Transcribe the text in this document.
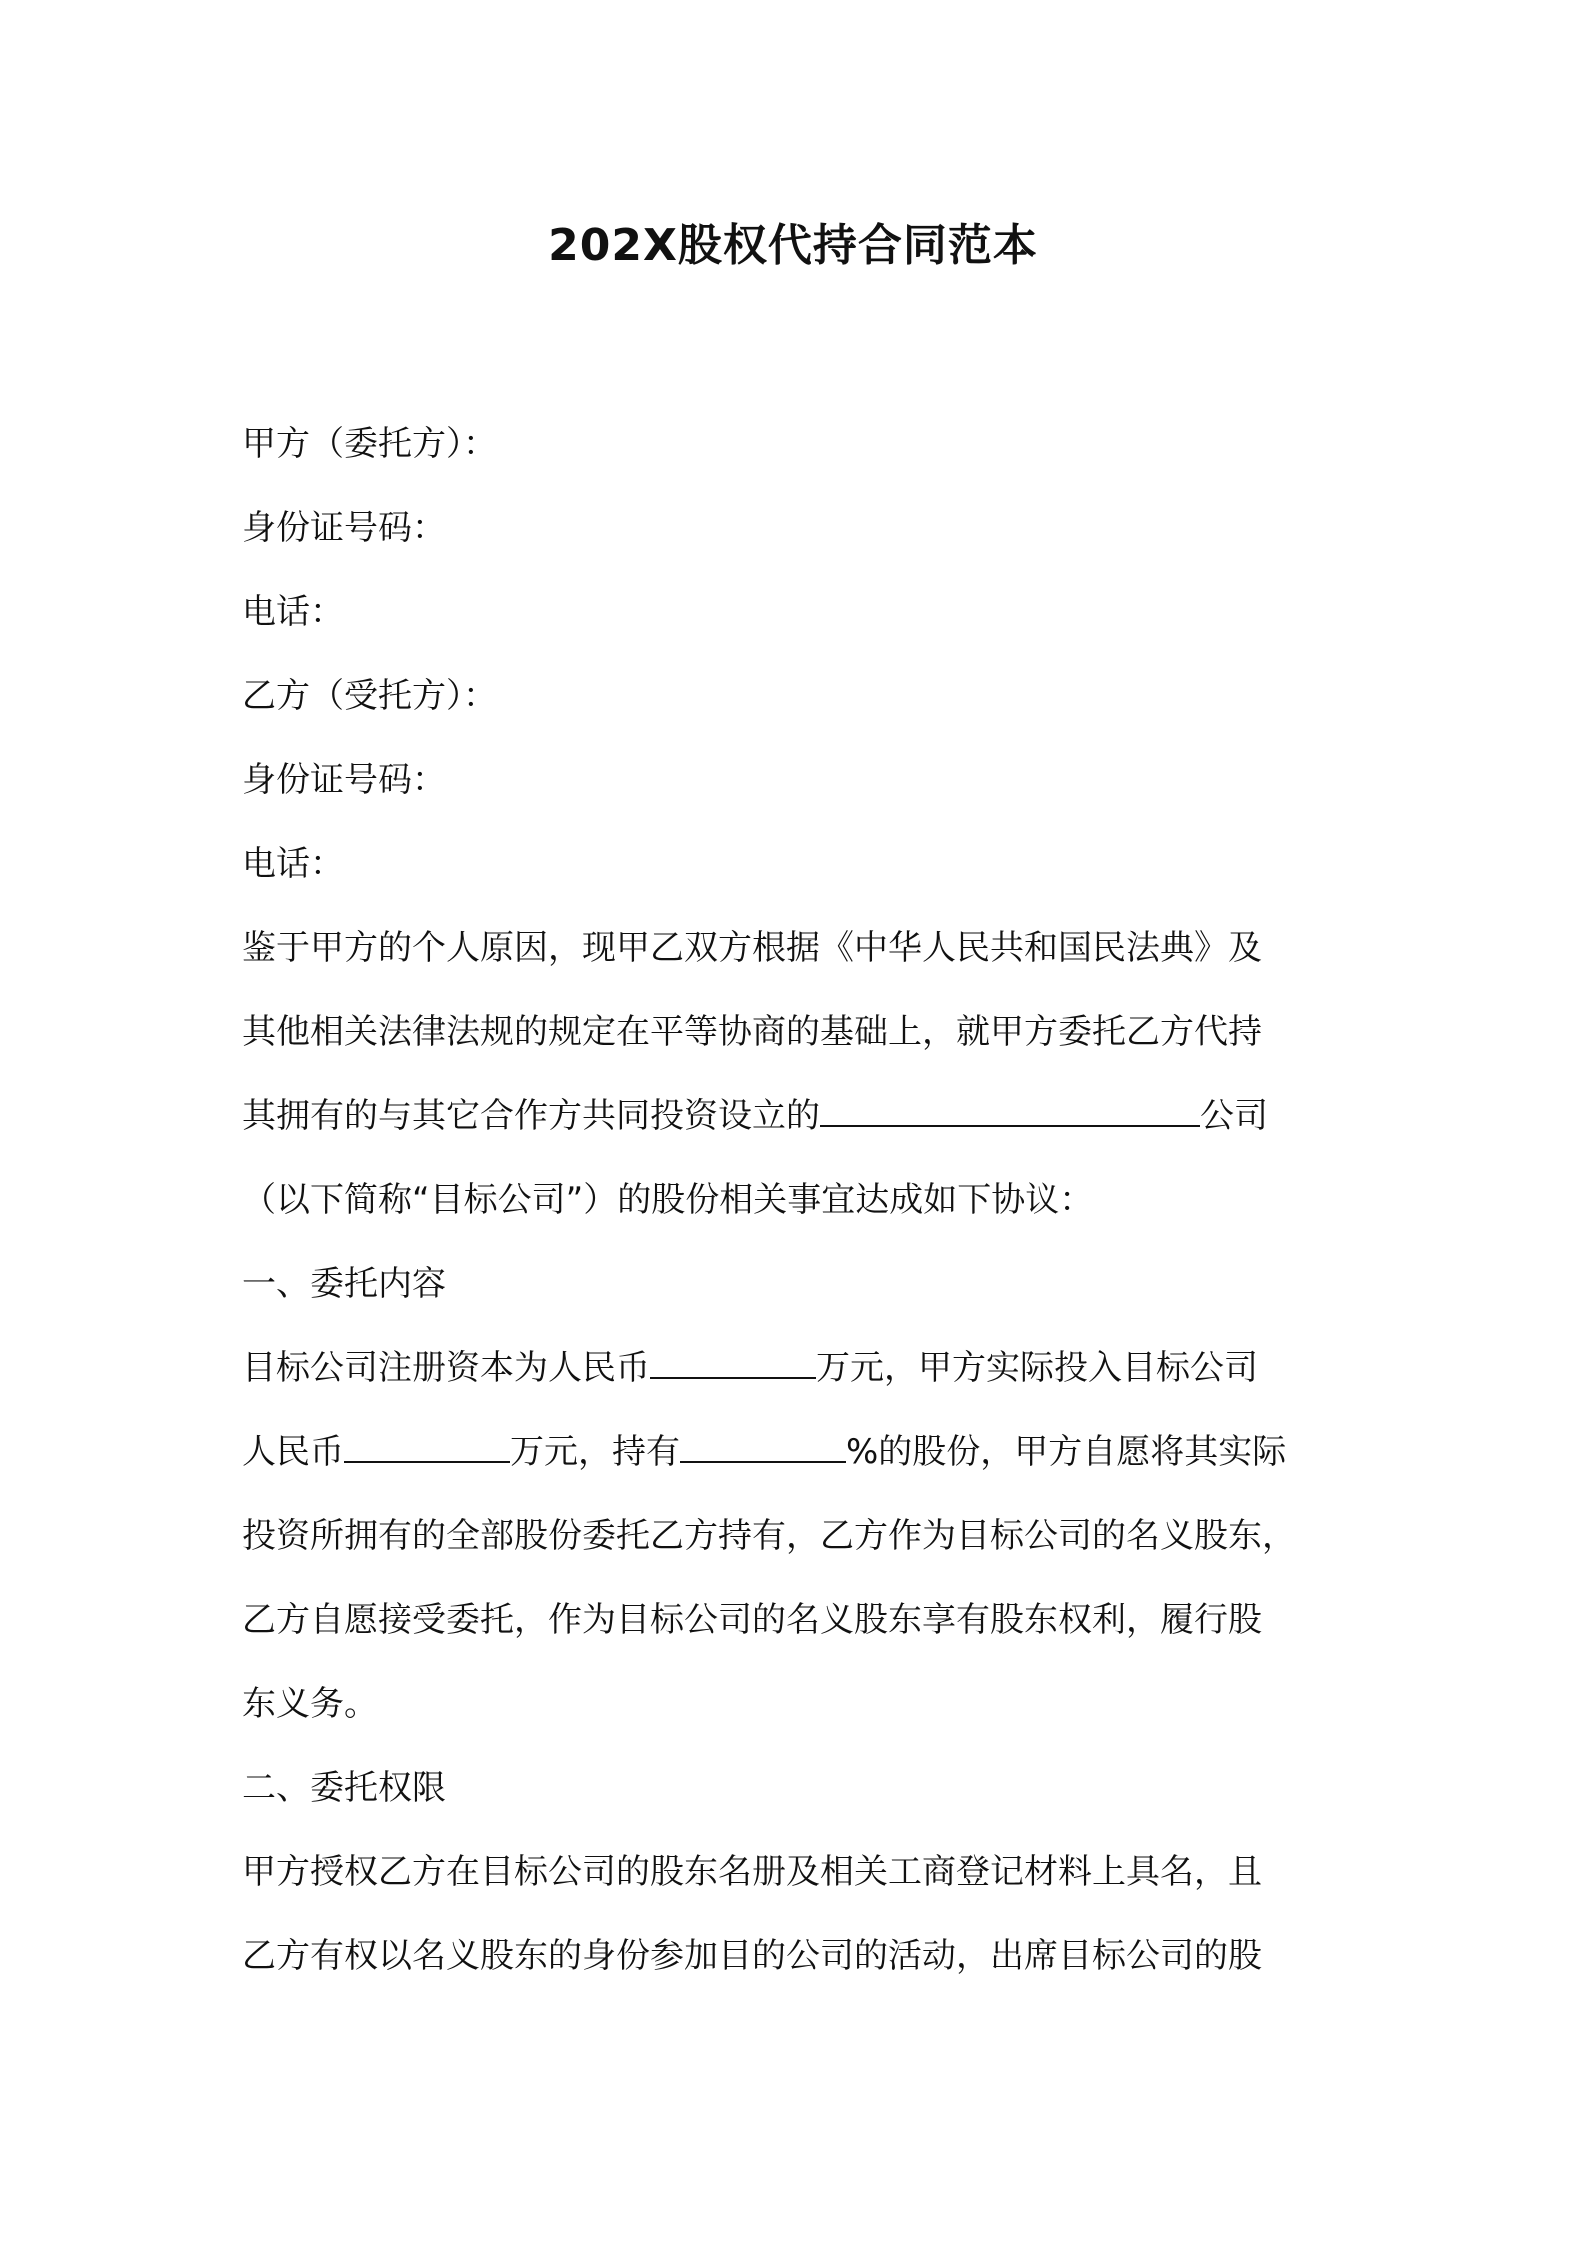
202X股权代持合同范本
甲方（委托方）：
身份证号码：
电话：
乙方（受托方）：
身份证号码：
电话：
鉴于甲方的个人原因，现甲乙双方根据《中华人民共和国民法典》及
其他相关法律法规的规定在平等协商的基础上，就甲方委托乙方代持
其拥有的与其它合作方共同投资设立的	公司
（以下简称“目标公司”）的股份相关事宜达成如下协议：
一、委托内容
目标公司注册资本为人民币	万元，甲方实际投入目标公司
人民币	万元，持有	%的股份，甲方自愿将其实际
投资所拥有的全部股份委托乙方持有，乙方作为目标公司的名义股东，
乙方自愿接受委托，作为目标公司的名义股东享有股东权利，履行股
东义务。
二、委托权限
甲方授权乙方在目标公司的股东名册及相关工商登记材料上具名，且
乙方有权以名义股东的身份参加目的公司的活动，出席目标公司的股
